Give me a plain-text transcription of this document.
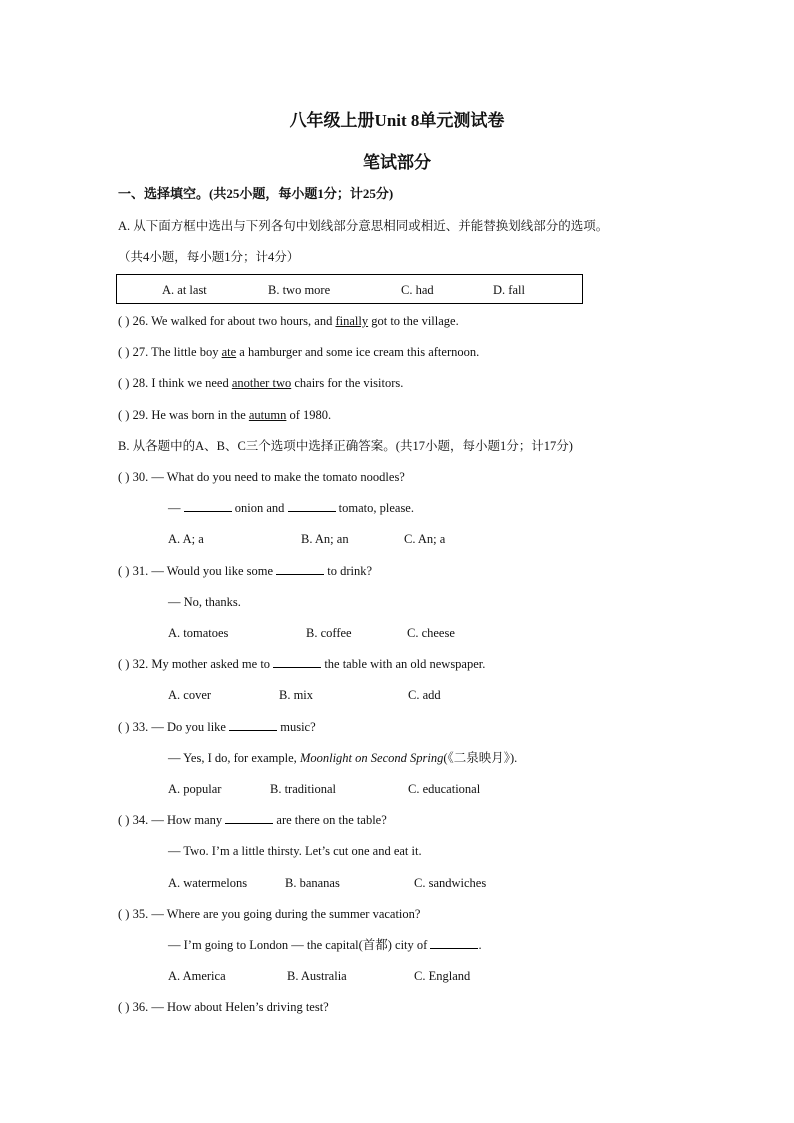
八年级上册Unit 8单元测试卷
笔试部分
一、选择填空。(共25小题，每小题1分；计25分)
A. 从下面方框中选出与下列各句中划线部分意思相同或相近、并能替换划线部分的选项。
（共4小题，每小题1分；计4分）
A. at last	B. two more	C. had	D. fall
( ) 26. We walked for about two hours, and finally got to the village.
( ) 27. The little boy ate a hamburger and some ice cream this afternoon.
( ) 28. I think we need another two chairs for the visitors.
( ) 29. He was born in the autumn of 1980.
B. 从各题中的A、B、C三个选项中选择正确答案。(共17小题，每小题1分；计17分)
( ) 30. — What do you need to make the tomato noodles?
—	onion and	tomato, please.
A. A; a	B. An; an	C. An; a
( ) 31. — Would you like some	to drink?
— No, thanks.
A. tomatoes	B. coffee	C. cheese
( ) 32. My mother asked me to	the table with an old newspaper.
A. cover	B. mix	C. add
( ) 33. — Do you like	music?
— Yes, I do, for example, Moonlight on Second Spring(《二泉映月》).
A. popular	B. traditional	C. educational
( ) 34. — How many	are there on the table?
— Two. I’m a little thirsty. Let’s cut one and eat it.
A. watermelons	B. bananas	C. sandwiches
( ) 35. — Where are you going during the summer vacation?
— I’m going to London — the capital(首都) city of	.
A. America	B. Australia	C. England
( ) 36. — How about Helen’s driving test?
